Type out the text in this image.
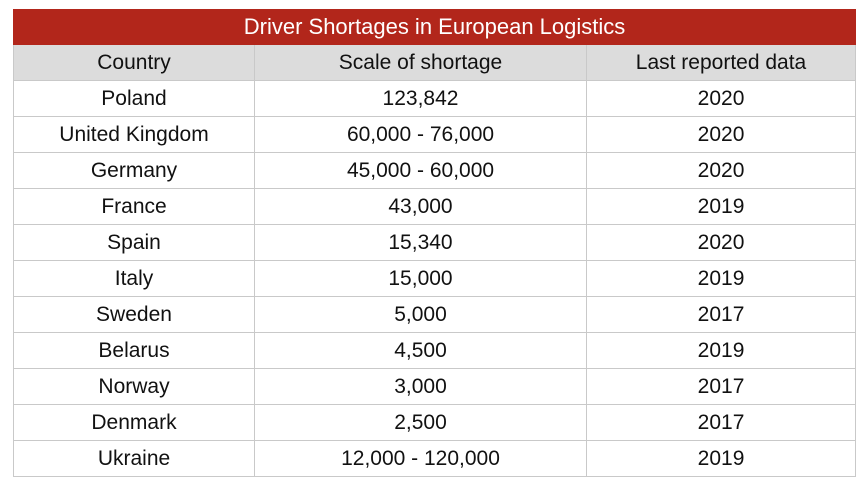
Driver Shortages in European Logistics		
Country	Scale of shortage	Last reported data
Poland	123,842	2020
United Kingdom	60,000 - 76,000	2020
Germany	45,000 - 60,000	2020
France	43,000	2019
Spain	15,340	2020
Italy	15,000	2019
Sweden	5,000	2017
Belarus	4,500	2019
Norway	3,000	2017
Denmark	2,500	2017
Ukraine	12,000 - 120,000	2019
